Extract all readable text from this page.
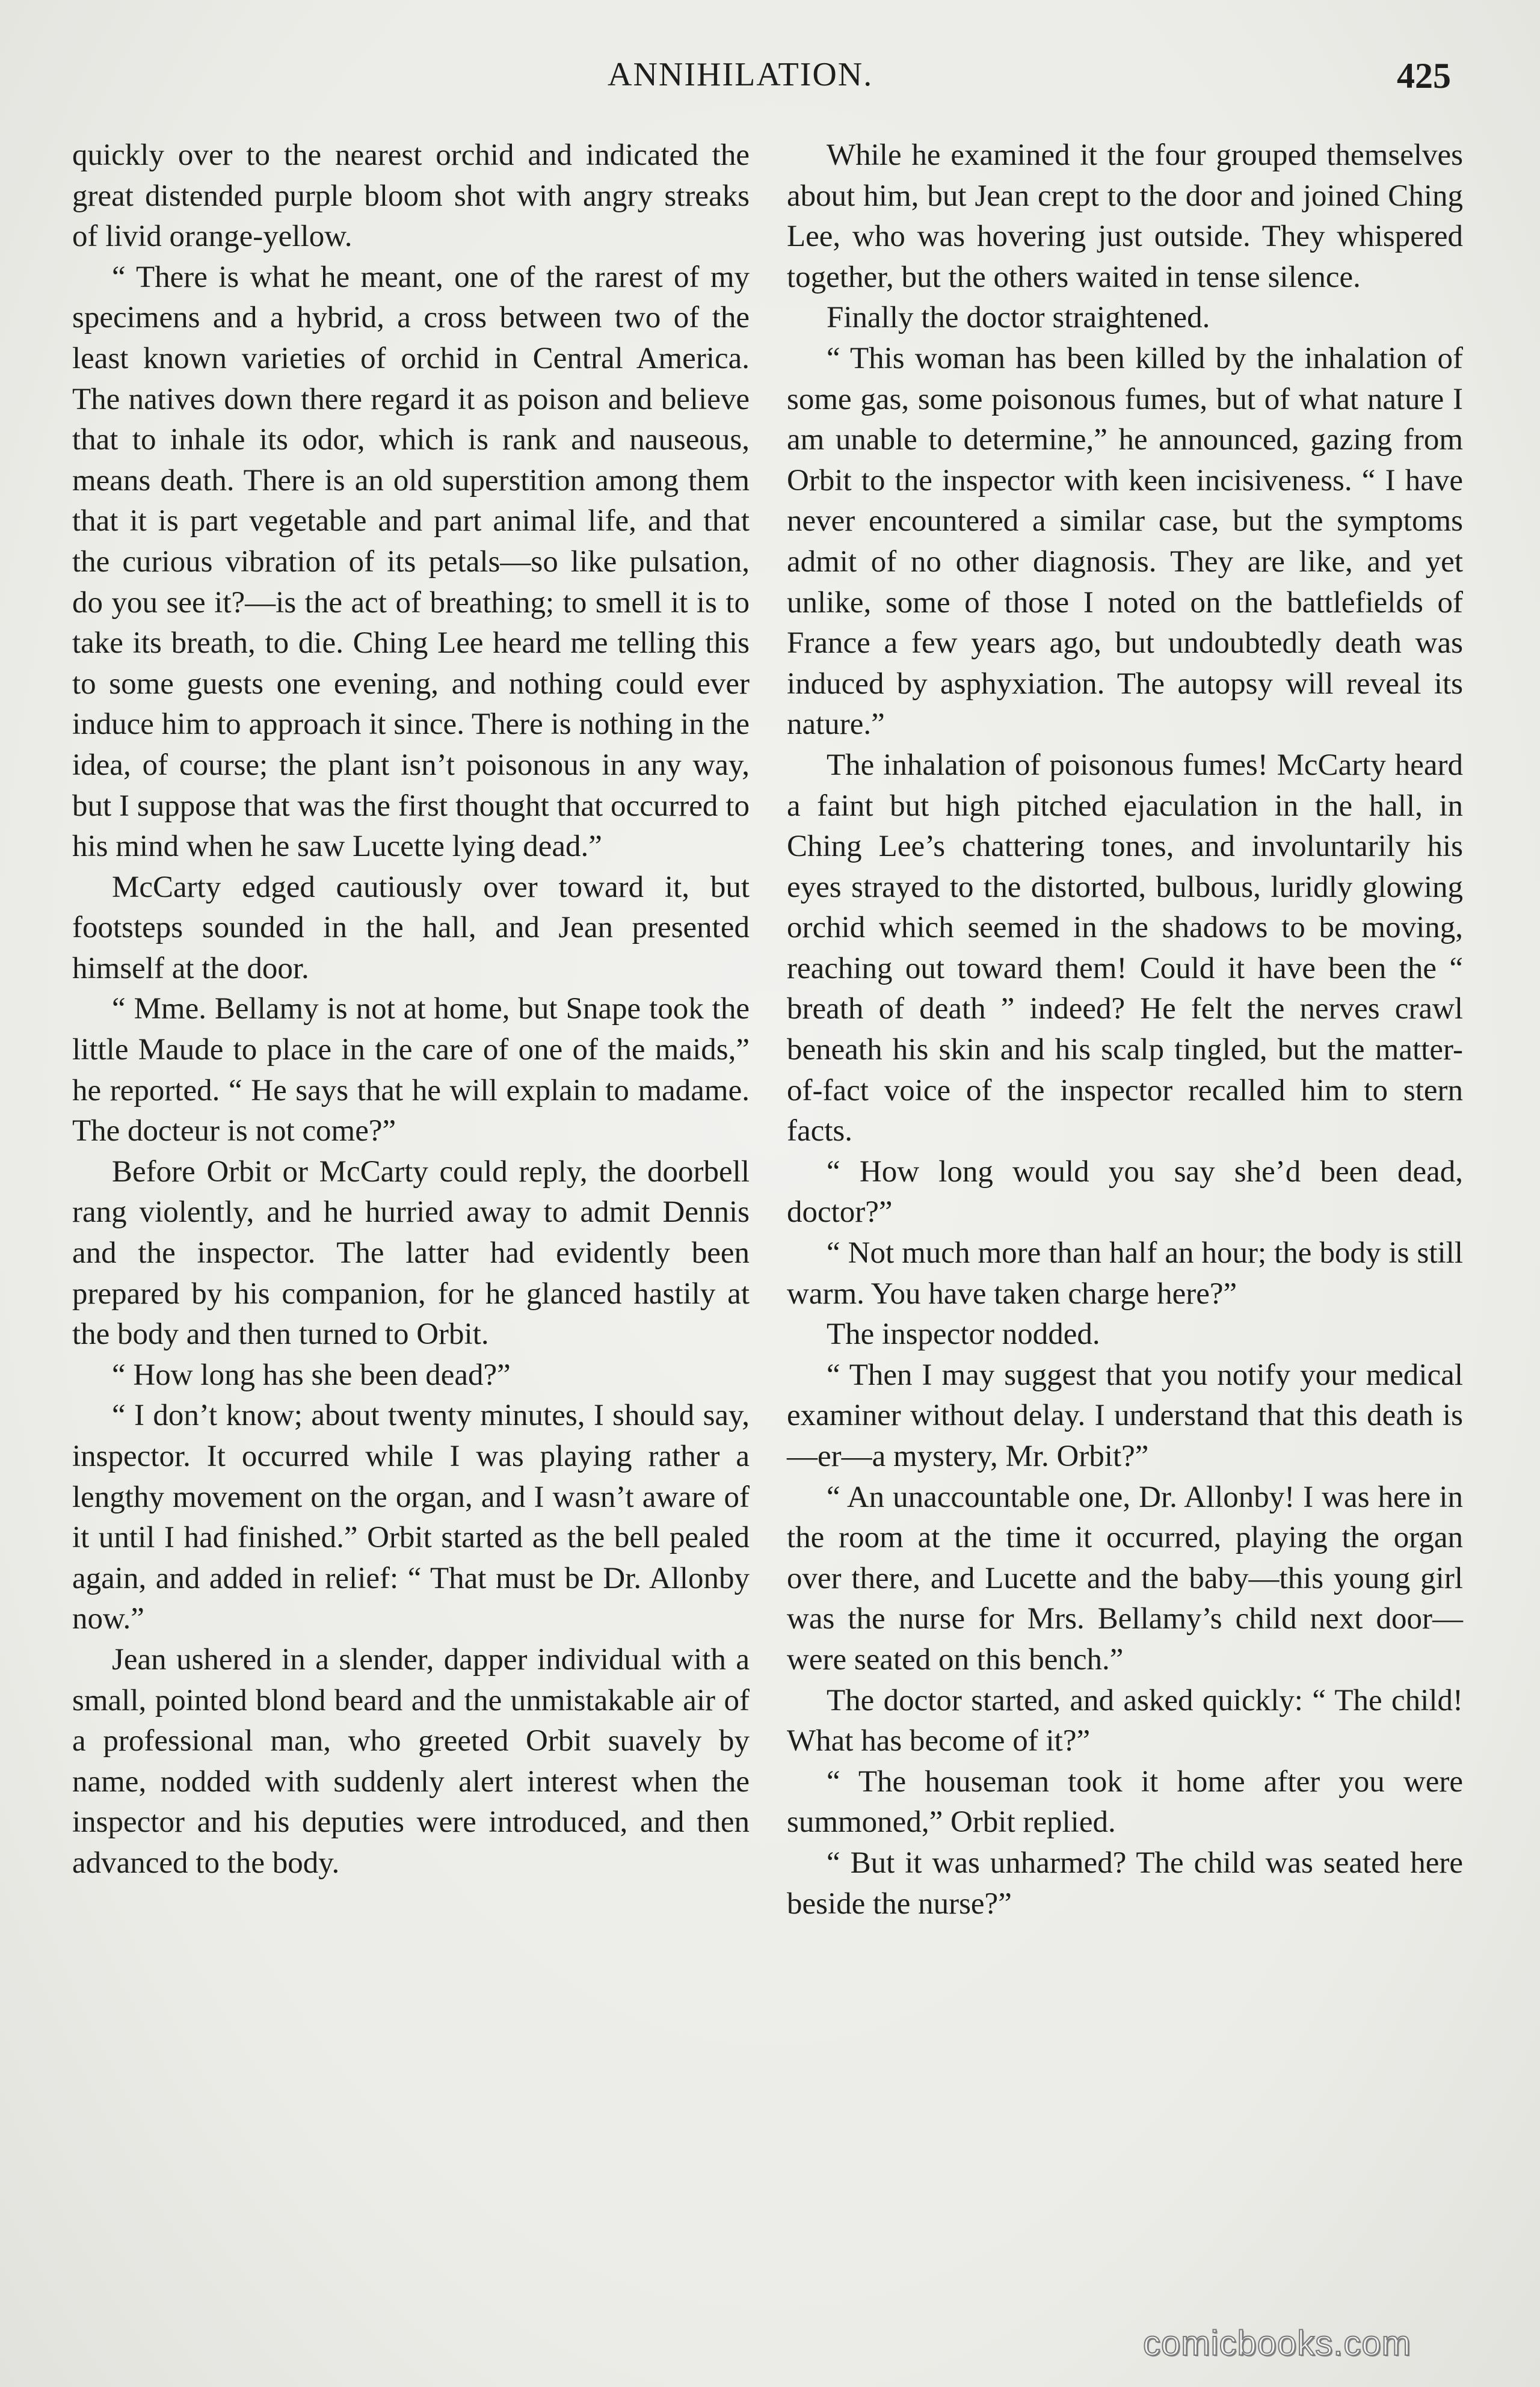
ANNIHILATION.	425

quickly over to the nearest orchid and indicated the great distended purple bloom shot with angry streaks of livid orange-yellow.

“ There is what he meant, one of the rarest of my specimens and a hybrid, a cross between two of the least known varieties of orchid in Central America. The natives down there regard it as poison and believe that to inhale its odor, which is rank and nauseous, means death. There is an old superstition among them that it is part vegetable and part animal life, and that the curious vibration of its petals—so like pulsation, do you see it?—is the act of breathing; to smell it is to take its breath, to die. Ching Lee heard me telling this to some guests one evening, and nothing could ever induce him to approach it since. There is nothing in the idea, of course; the plant isn’t poisonous in any way, but I suppose that was the first thought that occurred to his mind when he saw Lucette lying dead.”

McCarty edged cautiously over toward it, but footsteps sounded in the hall, and Jean presented himself at the door.

“ Mme. Bellamy is not at home, but Snape took the little Maude to place in the care of one of the maids,” he reported. “ He says that he will explain to madame. The docteur is not come?”

Before Orbit or McCarty could reply, the doorbell rang violently, and he hurried away to admit Dennis and the inspector. The latter had evidently been prepared by his companion, for he glanced hastily at the body and then turned to Orbit.

“ How long has she been dead?”

“ I don’t know; about twenty minutes, I should say, inspector. It occurred while I was playing rather a lengthy movement on the organ, and I wasn’t aware of it until I had finished.” Orbit started as the bell pealed again, and added in relief: “ That must be Dr. Allonby now.”

Jean ushered in a slender, dapper individual with a small, pointed blond beard and the unmistakable air of a professional man, who greeted Orbit suavely by name, nodded with suddenly alert interest when the inspector and his deputies were introduced, and then advanced to the body.

While he examined it the four grouped themselves about him, but Jean crept to the door and joined Ching Lee, who was hovering just outside. They whispered together, but the others waited in tense silence.

Finally the doctor straightened.

“ This woman has been killed by the inhalation of some gas, some poisonous fumes, but of what nature I am unable to determine,” he announced, gazing from Orbit to the inspector with keen incisiveness. “ I have never encountered a similar case, but the symptoms admit of no other diagnosis. They are like, and yet unlike, some of those I noted on the battlefields of France a few years ago, but undoubtedly death was induced by asphyxiation. The autopsy will reveal its nature.”

The inhalation of poisonous fumes! McCarty heard a faint but high pitched ejaculation in the hall, in Ching Lee’s chattering tones, and involuntarily his eyes strayed to the distorted, bulbous, luridly glowing orchid which seemed in the shadows to be moving, reaching out toward them! Could it have been the “ breath of death ” indeed? He felt the nerves crawl beneath his skin and his scalp tingled, but the matter-of-fact voice of the inspector recalled him to stern facts.

“ How long would you say she’d been dead, doctor?”

“ Not much more than half an hour; the body is still warm. You have taken charge here?”

The inspector nodded.

“ Then I may suggest that you notify your medical examiner without delay. I understand that this death is—er—a mystery, Mr. Orbit?”

“ An unaccountable one, Dr. Allonby! I was here in the room at the time it occurred, playing the organ over there, and Lucette and the baby—this young girl was the nurse for Mrs. Bellamy’s child next door—were seated on this bench.”

The doctor started, and asked quickly: “ The child! What has become of it?”

“ The houseman took it home after you were summoned,” Orbit replied.

“ But it was unharmed? The child was seated here beside the nurse?”

comicbooks.com
